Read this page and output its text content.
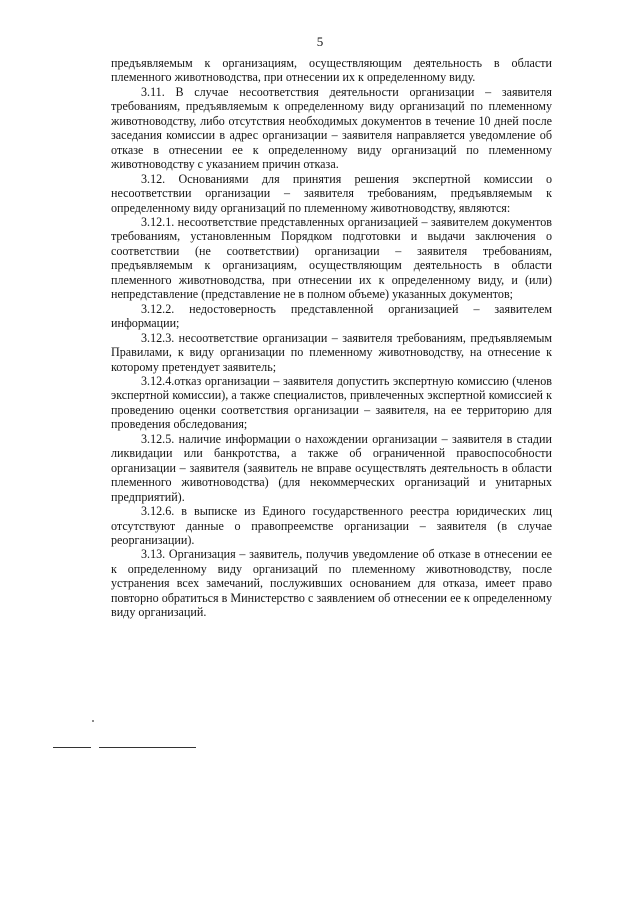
5

предъявляемым к организациям, осуществляющим деятельность в области племенного животноводства, при отнесении их к определенному виду.

3.11. В случае несоответствия деятельности организации – заявителя требованиям, предъявляемым к определенному виду организаций по племенному животноводству, либо отсутствия необходимых документов в течение 10 дней после заседания комиссии в адрес организации – заявителя направляется уведомление об отказе в отнесении ее к определенному виду организаций по племенному животноводству с указанием причин отказа.

3.12. Основаниями для принятия решения экспертной комиссии о несоответствии организации – заявителя требованиям, предъявляемым к определенному виду организаций по племенному животноводству, являются:

3.12.1. несоответствие представленных организацией – заявителем документов требованиям, установленным Порядком подготовки и выдачи заключения о соответствии (не соответствии) организации – заявителя требованиям, предъявляемым к организациям, осуществляющим деятельность в области племенного животноводства, при отнесении их к определенному виду, и (или) непредставление (представление не в полном объеме) указанных документов;

3.12.2. недостоверность представленной организацией – заявителем информации;

3.12.3. несоответствие организации – заявителя требованиям, предъявляемым Правилами, к виду организации по племенному животноводству, на отнесение к которому претендует заявитель;

3.12.4.отказ организации – заявителя допустить экспертную комиссию (членов экспертной комиссии), а также специалистов, привлеченных экспертной комиссией к проведению оценки соответствия организации – заявителя, на ее территорию для проведения обследования;

3.12.5. наличие информации о нахождении организации – заявителя в стадии ликвидации или банкротства, а также об ограниченной правоспособности организации – заявителя (заявитель не вправе осуществлять деятельность в области племенного животноводства) (для некоммерческих организаций и унитарных предприятий).

3.12.6. в выписке из Единого государственного реестра юридических лиц отсутствуют данные о правопреемстве организации – заявителя (в случае реорганизации).

3.13. Организация – заявитель, получив уведомление об отказе в отнесении ее к определенному виду организаций по племенному животноводству, после устранения всех замечаний, послуживших основанием для отказа, имеет право повторно обратиться в Министерство с заявлением об отнесении ее к определенному виду организаций.
